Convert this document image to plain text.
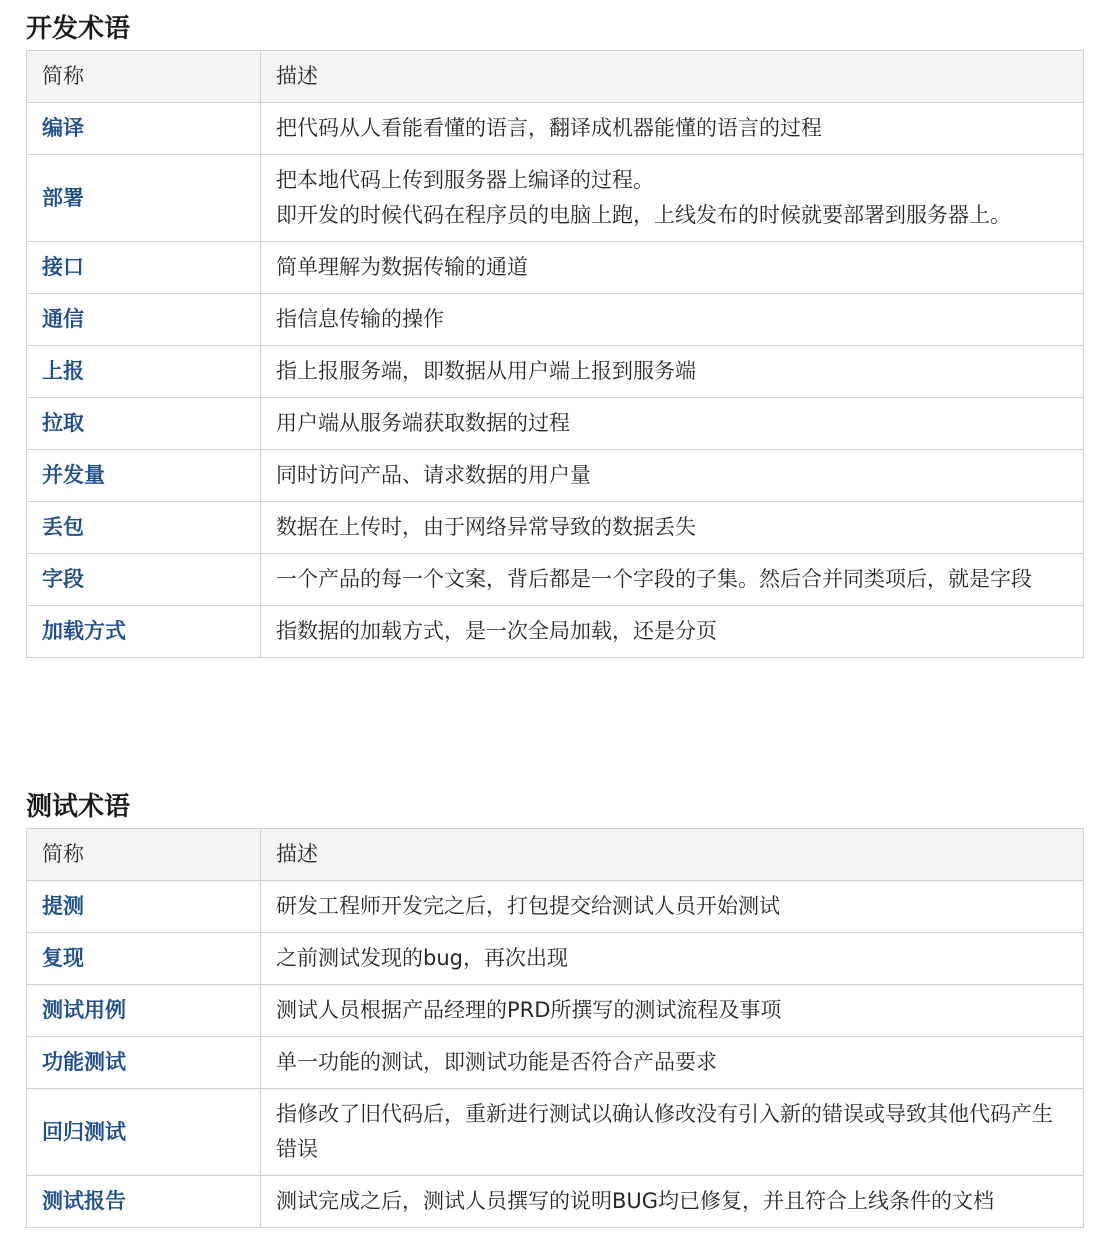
开发术语
简称	描述
编译	把代码从人看能看懂的语言，翻译成机器能懂的语言的过程

部署	把本地代码上传到服务器上编译的过程。
即开发的时候代码在程序员的电脑上跑，上线发布的时候就要部署到服务器上。

接口	简单理解为数据传输的通道

通信	指信息传输的操作

上报	指上报服务端，即数据从用户端上报到服务端

拉取	用户端从服务端获取数据的过程

并发量	同时访问产品、请求数据的用户量

丢包	数据在上传时，由于网络异常导致的数据丢失

字段	一个产品的每一个文案，背后都是一个字段的子集。然后合并同类项后，就是字段

加载方式	指数据的加载方式，是一次全局加载，还是分页
测试术语
简称	描述
提测	研发工程师开发完之后，打包提交给测试人员开始测试

复现	之前测试发现的bug，再次出现

测试用例	测试人员根据产品经理的PRD所撰写的测试流程及事项

功能测试	单一功能的测试，即测试功能是否符合产品要求

回归测试	指修改了旧代码后，重新进行测试以确认修改没有引入新的错误或导致其他代码产生错误

测试报告	测试完成之后，测试人员撰写的说明BUG均已修复，并且符合上线条件的文档
